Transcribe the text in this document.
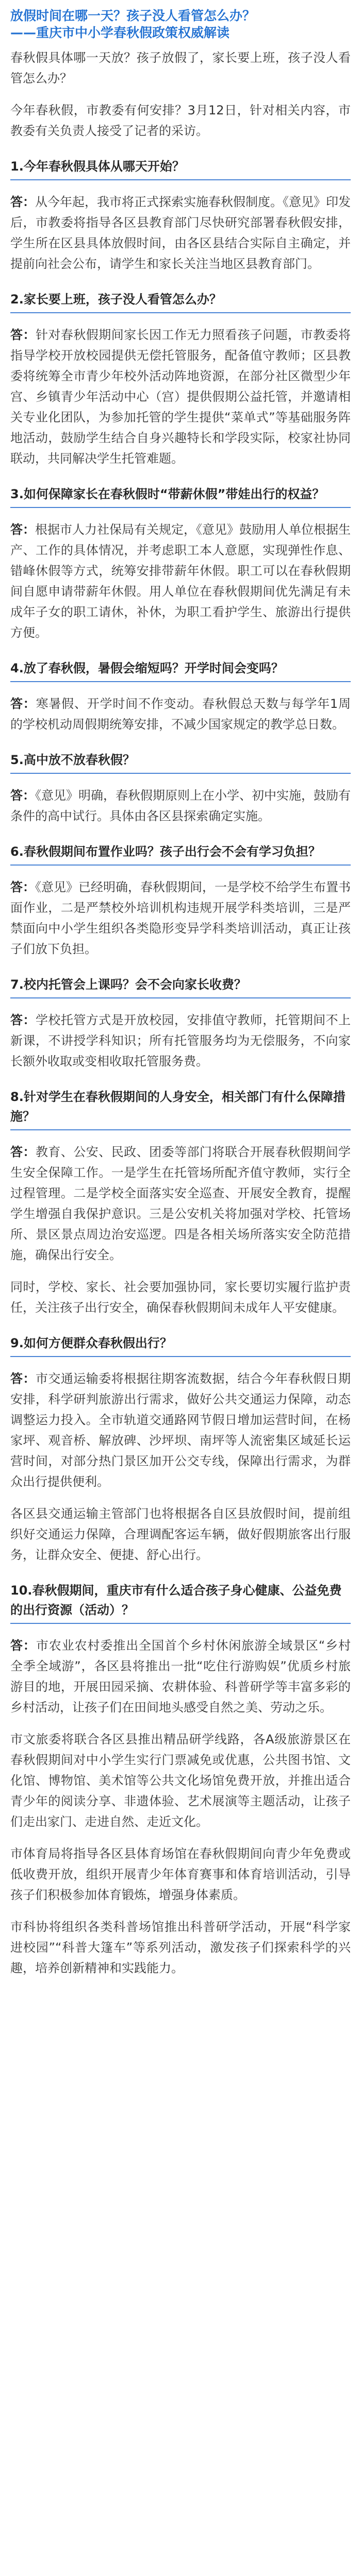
放假时间在哪一天？孩子没人看管怎么办？

——重庆市中小学春秋假政策权威解读

春秋假具体哪一天放？孩子放假了，家长要上班，孩子没人看管怎么办？

今年春秋假，市教委有何安排？3月12日，针对相关内容，市教委有关负责人接受了记者的采访。

1.今年春秋假具体从哪天开始？

答：从今年起，我市将正式探索实施春秋假制度。《意见》印发后，市教委将指导各区县教育部门尽快研究部署春秋假安排，学生所在区县具体放假时间，由各区县结合实际自主确定，并提前向社会公布，请学生和家长关注当地区县教育部门。

2.家长要上班，孩子没人看管怎么办？

答：针对春秋假期间家长因工作无力照看孩子问题，市教委将指导学校开放校园提供无偿托管服务，配备值守教师；区县教委将统筹全市青少年校外活动阵地资源，在部分社区微型少年宫、乡镇青少年活动中心（宫）提供假期公益托管，并邀请相关专业化团队，为参加托管的学生提供“菜单式”等基础服务阵地活动，鼓励学生结合自身兴趣特长和学段实际，校家社协同联动，共同解决学生托管难题。

3.如何保障家长在春秋假时“带薪休假”带娃出行的权益？

答：根据市人力社保局有关规定，《意见》鼓励用人单位根据生产、工作的具体情况，并考虑职工本人意愿，实现弹性作息、错峰休假等方式，统筹安排带薪年休假。职工可以在春秋假期间自愿申请带薪年休假。用人单位在春秋假期间优先满足有未成年子女的职工请休，补休，为职工看护学生、旅游出行提供方便。

4.放了春秋假，暑假会缩短吗？开学时间会变吗？

答：寒暑假、开学时间不作变动。春秋假总天数与每学年1周的学校机动周假期统筹安排，不减少国家规定的教学总日数。

5.高中放不放春秋假？

答：《意见》明确，春秋假期原则上在小学、初中实施，鼓励有条件的高中试行。具体由各区县探索确定实施。

6.春秋假期间布置作业吗？孩子出行会不会有学习负担？

答：《意见》已经明确，春秋假期间，一是学校不给学生布置书面作业，二是严禁校外培训机构违规开展学科类培训，三是严禁面向中小学生组织各类隐形变异学科类培训活动，真正让孩子们放下负担。

7.校内托管会上课吗？会不会向家长收费？

答：学校托管方式是开放校园，安排值守教师，托管期间不上新课，不讲授学科知识；所有托管服务均为无偿服务，不向家长额外收取或变相收取托管服务费。

8.针对学生在春秋假期间的人身安全，相关部门有什么保障措施？

答：教育、公安、民政、团委等部门将联合开展春秋假期间学生安全保障工作。一是学生在托管场所配齐值守教师，实行全过程管理。二是学校全面落实安全巡查、开展安全教育，提醒学生增强自我保护意识。三是公安机关将加强对学校、托管场所、景区景点周边治安巡逻。四是各相关场所落实安全防范措施，确保出行安全。

同时，学校、家长、社会要加强协同，家长要切实履行监护责任，关注孩子出行安全，确保春秋假期间未成年人平安健康。

9.如何方便群众春秋假出行？

答：市交通运输委将根据往期客流数据，结合今年春秋假日期安排，科学研判旅游出行需求，做好公共交通运力保障，动态调整运力投入。全市轨道交通路网节假日增加运营时间，在杨家坪、观音桥、解放碑、沙坪坝、南坪等人流密集区域延长运营时间，对部分热门景区加开公交专线，保障出行需求，为群众出行提供便利。

各区县交通运输主管部门也将根据各自区县放假时间，提前组织好交通运力保障，合理调配客运车辆，做好假期旅客出行服务，让群众安全、便捷、舒心出行。

10.春秋假期间，重庆市有什么适合孩子身心健康、公益免费的出行资源（活动）？

答：市农业农村委推出全国首个乡村休闲旅游全域景区“乡村全季全域游”，各区县将推出一批“吃住行游购娱”优质乡村旅游目的地，开展田园采摘、农耕体验、科普研学等丰富多彩的乡村活动，让孩子们在田间地头感受自然之美、劳动之乐。

市文旅委将联合各区县推出精品研学线路，各A级旅游景区在春秋假期间对中小学生实行门票减免或优惠，公共图书馆、文化馆、博物馆、美术馆等公共文化场馆免费开放，并推出适合青少年的阅读分享、非遗体验、艺术展演等主题活动，让孩子们走出家门、走进自然、走近文化。

市体育局将指导各区县体育场馆在春秋假期间向青少年免费或低收费开放，组织开展青少年体育赛事和体育培训活动，引导孩子们积极参加体育锻炼，增强身体素质。

市科协将组织各类科普场馆推出科普研学活动，开展“科学家进校园”“科普大篷车”等系列活动，激发孩子们探索科学的兴趣，培养创新精神和实践能力。
